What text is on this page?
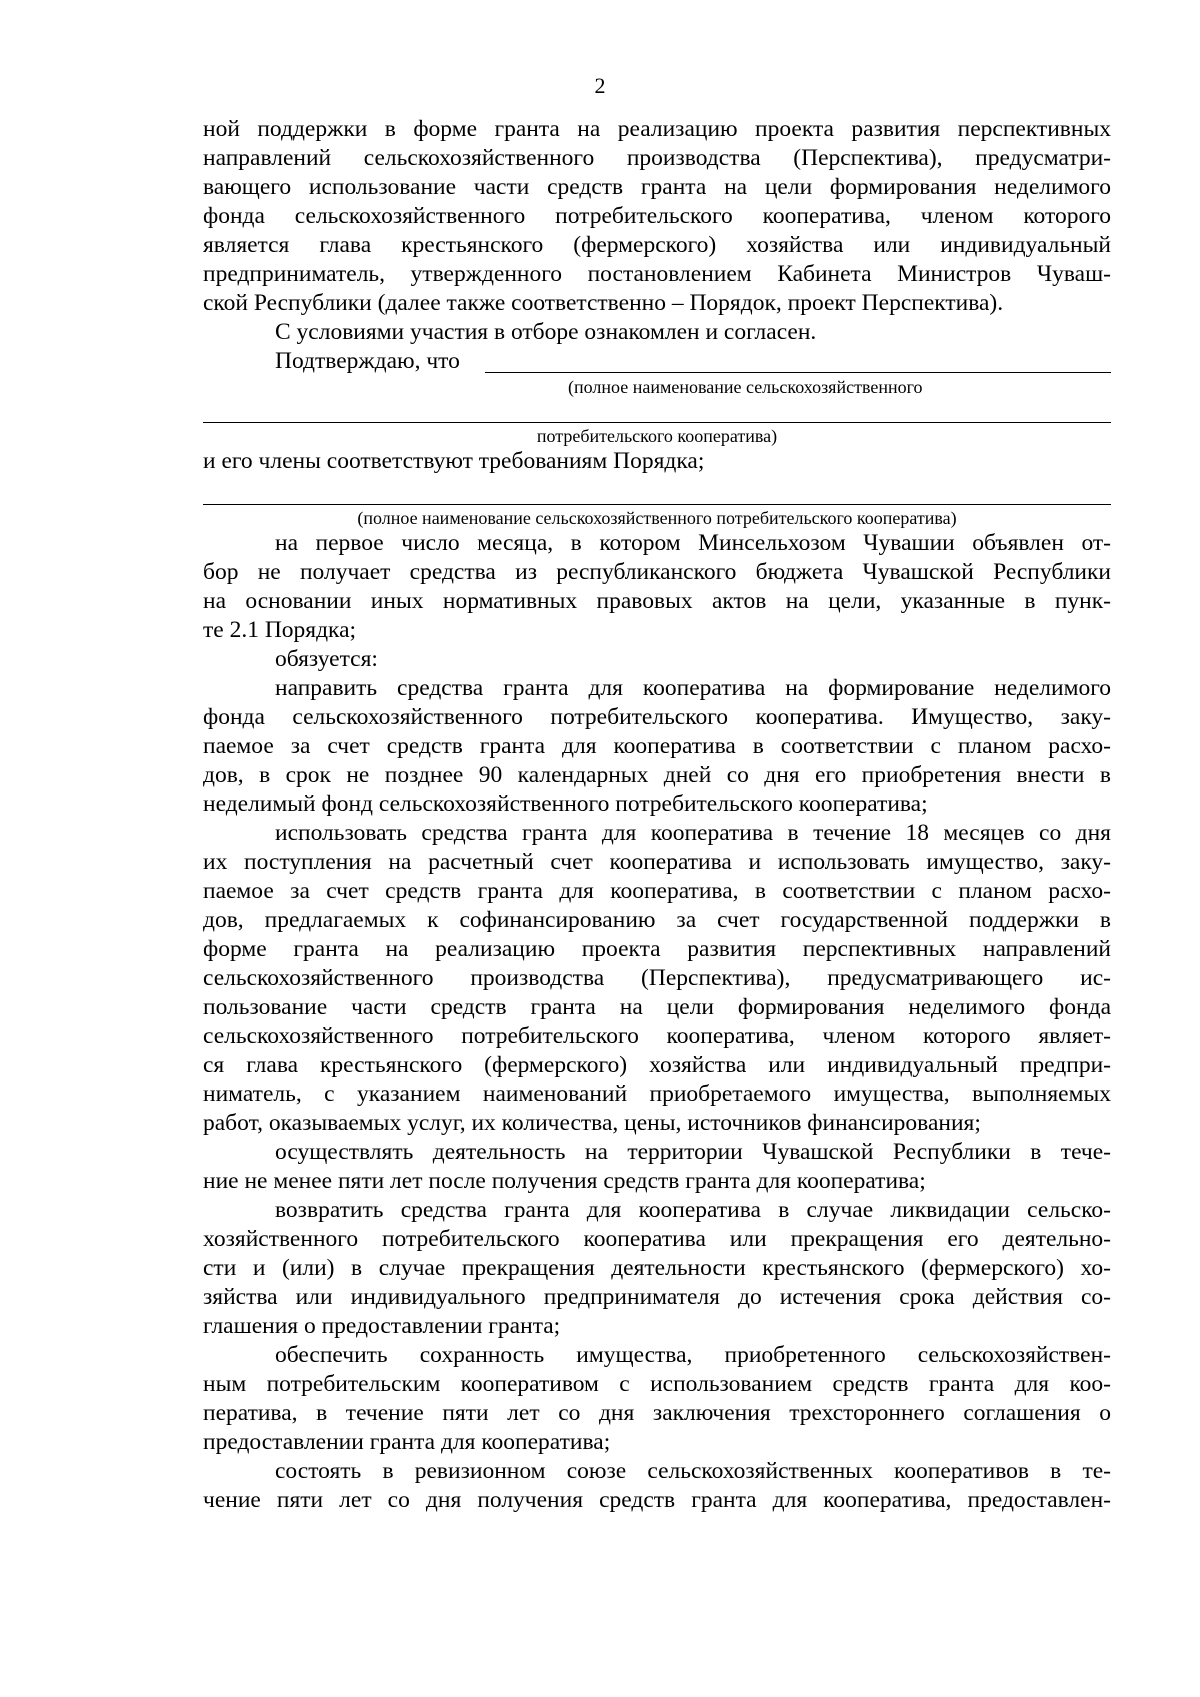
2
ной поддержки в форме гранта на реализацию проекта развития перспективных
направлений сельскохозяйственного производства (Перспектива), предусматри-
вающего использование части средств гранта на цели формирования неделимого
фонда сельскохозяйственного потребительского кооператива, членом которого
является глава крестьянского (фермерского) хозяйства или индивидуальный
предприниматель, утвержденного постановлением Кабинета Министров Чуваш-
ской Республики (далее также соответственно – Порядок, проект Перспектива).
С условиями участия в отборе ознакомлен и согласен.
Подтверждаю, что
(полное наименование сельскохозяйственного
потребительского кооператива)
и его члены соответствуют требованиям Порядка;
(полное наименование сельскохозяйственного потребительского кооператива)
на первое число месяца, в котором Минсельхозом Чувашии объявлен от-
бор не получает средства из республиканского бюджета Чувашской Республики
на основании иных нормативных правовых актов на цели, указанные в пунк-
те 2.1 Порядка;
обязуется:
направить средства гранта для кооператива на формирование неделимого
фонда сельскохозяйственного потребительского кооператива. Имущество, заку-
паемое за счет средств гранта для кооператива в соответствии с планом расхо-
дов, в срок не позднее 90 календарных дней со дня его приобретения внести в
неделимый фонд сельскохозяйственного потребительского кооператива;
использовать средства гранта для кооператива в течение 18 месяцев со дня
их поступления на расчетный счет кооператива и использовать имущество, заку-
паемое за счет средств гранта для кооператива, в соответствии с планом расхо-
дов, предлагаемых к софинансированию за счет государственной поддержки в
форме гранта на реализацию проекта развития перспективных направлений
сельскохозяйственного производства (Перспектива), предусматривающего ис-
пользование части средств гранта на цели формирования неделимого фонда
сельскохозяйственного потребительского кооператива, членом которого являет-
ся глава крестьянского (фермерского) хозяйства или индивидуальный предпри-
ниматель, с указанием наименований приобретаемого имущества, выполняемых
работ, оказываемых услуг, их количества, цены, источников финансирования;
осуществлять деятельность на территории Чувашской Республики в тече-
ние не менее пяти лет после получения средств гранта для кооператива;
возвратить средства гранта для кооператива в случае ликвидации сельско-
хозяйственного потребительского кооператива или прекращения его деятельно-
сти и (или) в случае прекращения деятельности крестьянского (фермерского) хо-
зяйства или индивидуального предпринимателя до истечения срока действия со-
глашения о предоставлении гранта;
обеспечить сохранность имущества, приобретенного сельскохозяйствен-
ным потребительским кооперативом с использованием средств гранта для коо-
ператива, в течение пяти лет со дня заключения трехстороннего соглашения о
предоставлении гранта для кооператива;
состоять в ревизионном союзе сельскохозяйственных кооперативов в те-
чение пяти лет со дня получения средств гранта для кооператива, предоставлен-
